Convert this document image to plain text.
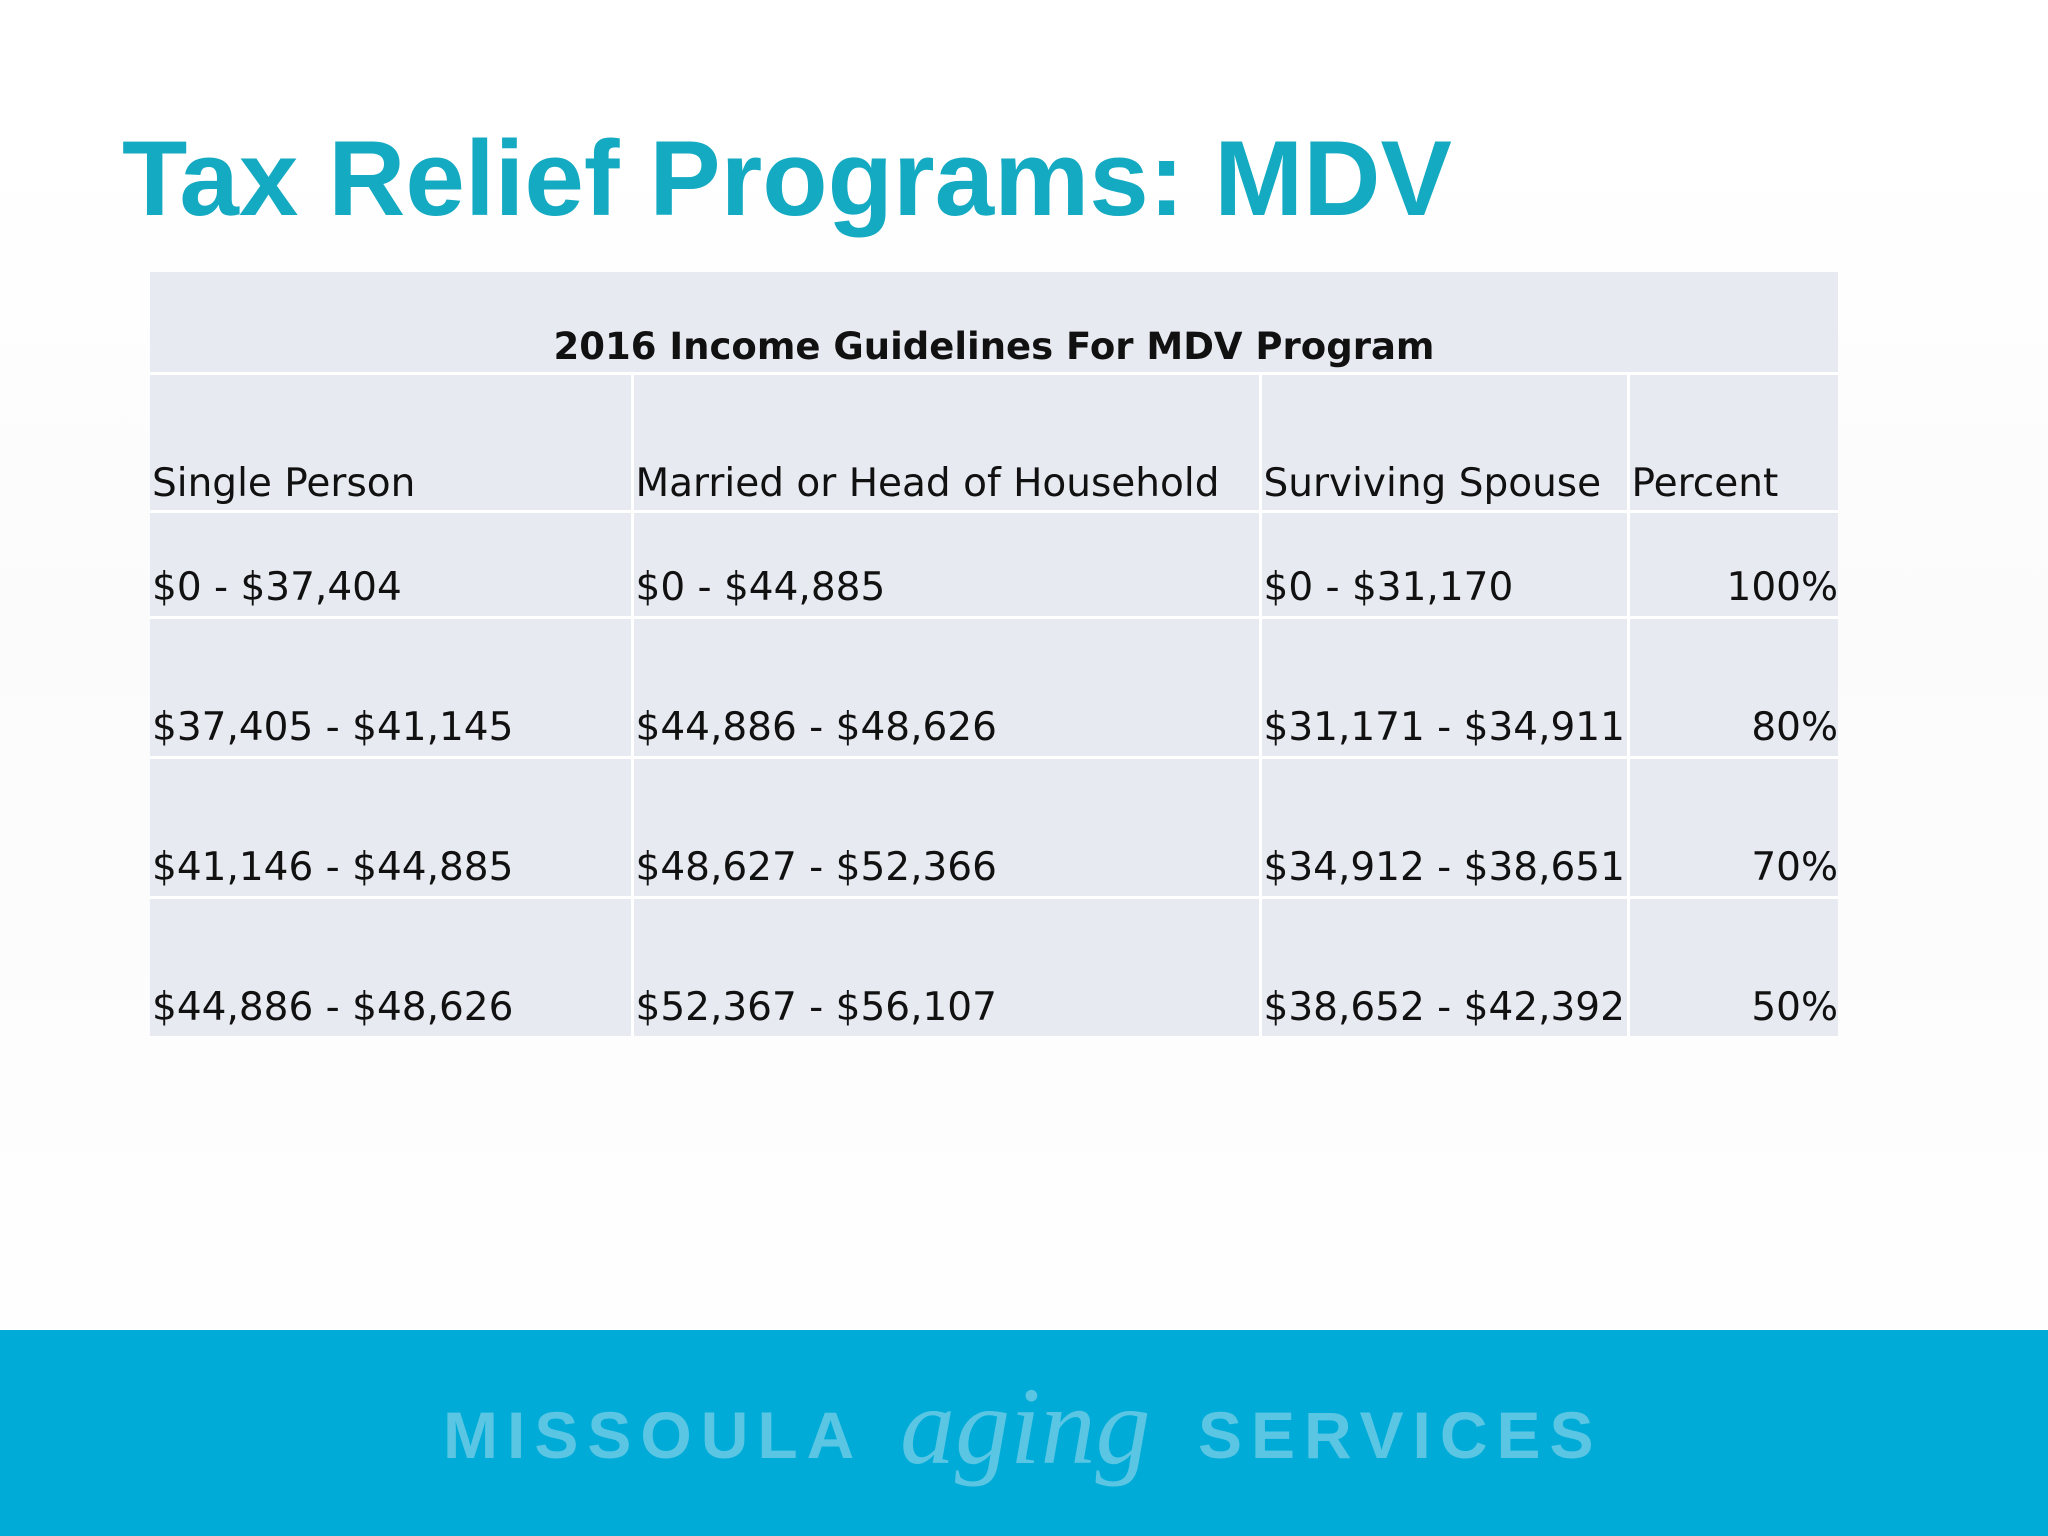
Tax Relief Programs: MDV
2016 Income Guidelines For MDV Program			
Single Person	Married or Head of Household	Surviving Spouse	Percent
$0 - $37,404	$0 - $44,885	$0 - $31,170	100%
$37,405 - $41,145	$44,886 - $48,626	$31,171 - $34,911	80%
$41,146 - $44,885	$48,627 - $52,366	$34,912 - $38,651	70%
$44,886 - $48,626	$52,367 - $56,107	$38,652 - $42,392	50%
MISSOULA aging SERVICES
